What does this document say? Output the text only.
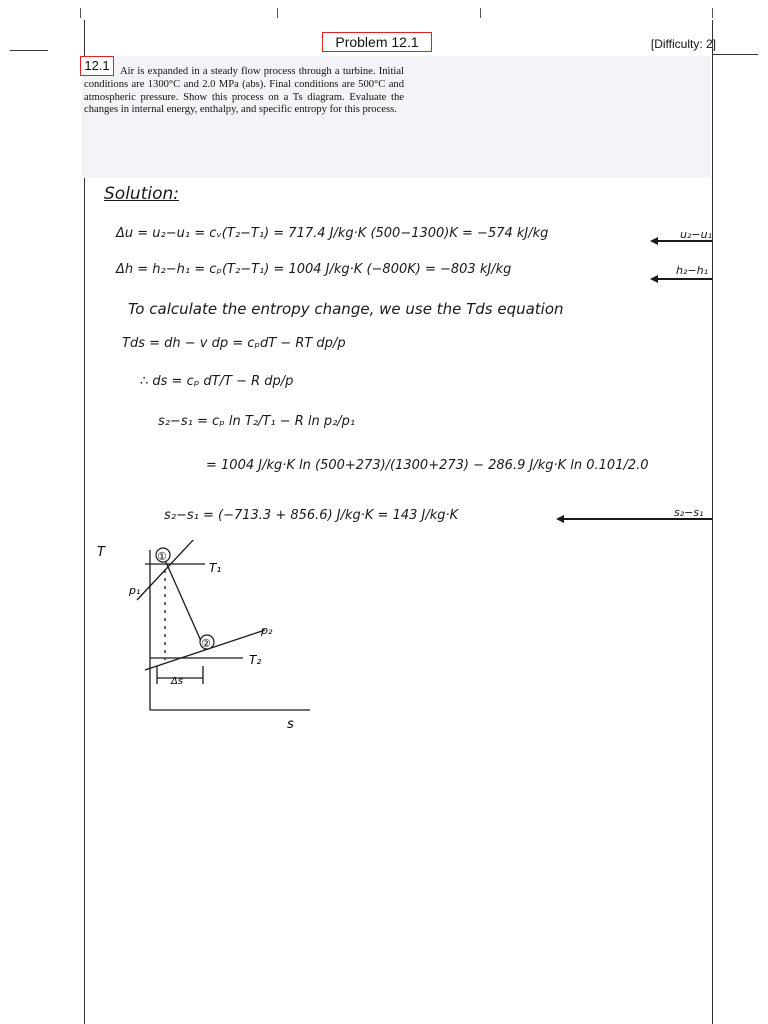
Problem 12.1	[Difficulty: 2]
Air is expanded in a steady flow process through a turbine. Initial conditions are 1300°C and 2.0 MPa (abs). Final conditions are 500°C and atmospheric pressure. Show this process on a Ts diagram. Evaluate the changes in internal energy, enthalpy, and specific entropy for this process.
12.1
Solution:
Δu = u₂−u₁ = cᵥ(T₂−T₁) = 717.4 J/kg·K (500−1300)K = −574 kJ/kg
Δh = h₂−h₁ = cₚ(T₂−T₁) = 1004 J/kg·K (−800K) = −803 kJ/kg
To calculate the entropy change, we use the Tds equation
Tds = dh − v dp = cₚdT − RT dp/p
∴ ds = cₚ dT/T − R dp/p
s₂−s₁ = cₚ ln T₂/T₁ − R ln p₂/p₁
= 1004 J/kg·K ln (500+273)/(1300+273) − 286.9 J/kg·K ln 0.101/2.0
s₂−s₁ = (−713.3 + 856.6) J/kg·K = 143 J/kg·K
u₂−u₁
h₂−h₁
s₂−s₁
①
②
T
s
T₁
T₂
p₁
p₂
Δs
